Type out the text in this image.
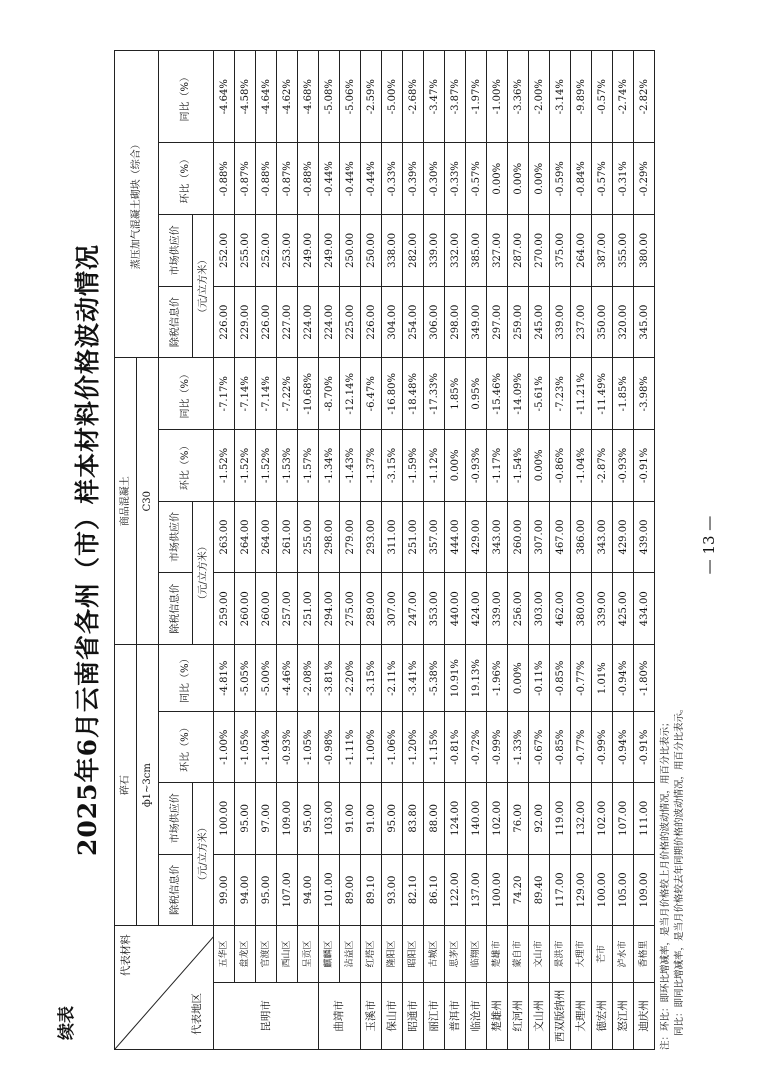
续表
— 13 —
2025年6月云南省各州（市）样本材料价格波动情况
代表材料
代表地区		碎石				商品混凝土				蒸压加气混凝土砌块（综合）			
		ф1~3cm				C30							
		除税信息价	市场供应价	环比（%）	同比（%）	除税信息价	市场供应价	环比（%）	同比（%）	除税信息价	市场供应价	环比（%）	同比（%）
		（元/立方米）				（元/立方米）				（元/立方米）			
昆明市	五华区	99.00	100.00	-1.00%	-4.81%	259.00	263.00	-1.52%	-7.17%	226.00	252.00	-0.88%	-4.64%
	盘龙区	94.00	95.00	-1.05%	-5.05%	260.00	264.00	-1.52%	-7.14%	229.00	255.00	-0.87%	-4.58%
	官渡区	95.00	97.00	-1.04%	-5.00%	260.00	264.00	-1.52%	-7.14%	226.00	252.00	-0.88%	-4.64%
	西山区	107.00	109.00	-0.93%	-4.46%	257.00	261.00	-1.53%	-7.22%	227.00	253.00	-0.87%	-4.62%
	呈贡区	94.00	95.00	-1.05%	-2.08%	251.00	255.00	-1.57%	-10.68%	224.00	249.00	-0.88%	-4.68%
曲靖市	麒麟区	101.00	103.00	-0.98%	-3.81%	294.00	298.00	-1.34%	-8.70%	224.00	249.00	-0.44%	-5.08%
	沾益区	89.00	91.00	-1.11%	-2.20%	275.00	279.00	-1.43%	-12.14%	225.00	250.00	-0.44%	-5.06%
玉溪市	红塔区	89.10	91.00	-1.00%	-3.15%	289.00	293.00	-1.37%	-6.47%	226.00	250.00	-0.44%	-2.59%
保山市	隆阳区	93.00	95.00	-1.06%	-2.11%	307.00	311.00	-3.15%	-16.80%	304.00	338.00	-0.33%	-5.00%
昭通市	昭阳区	82.10	83.80	-1.20%	-3.41%	247.00	251.00	-1.59%	-18.48%	254.00	282.00	-0.39%	-2.68%
丽江市	古城区	86.10	88.00	-1.15%	-5.38%	353.00	357.00	-1.12%	-17.33%	306.00	339.00	-0.30%	-3.47%
普洱市	思茅区	122.00	124.00	-0.81%	10.91%	440.00	444.00	0.00%	1.85%	298.00	332.00	-0.33%	-3.87%
临沧市	临翔区	137.00	140.00	-0.72%	19.13%	424.00	429.00	-0.93%	0.95%	349.00	385.00	-0.57%	-1.97%
楚雄州	楚雄市	100.00	102.00	-0.99%	-1.96%	339.00	343.00	-1.17%	-15.46%	297.00	327.00	0.00%	-1.00%
红河州	蒙自市	74.20	76.00	-1.33%	0.00%	256.00	260.00	-1.54%	-14.09%	259.00	287.00	0.00%	-3.36%
文山州	文山市	89.40	92.00	-0.67%	-0.11%	303.00	307.00	0.00%	-5.61%	245.00	270.00	0.00%	-2.00%
西双版纳州	景洪市	117.00	119.00	-0.85%	-0.85%	462.00	467.00	-0.86%	-7.23%	339.00	375.00	-0.59%	-3.14%
大理州	大理市	129.00	132.00	-0.77%	-0.77%	380.00	386.00	-1.04%	-11.21%	237.00	264.00	-0.84%	-9.89%
德宏州	芒市	100.00	102.00	-0.99%	1.01%	339.00	343.00	-2.87%	-11.49%	350.00	387.00	-0.57%	-0.57%
怒江州	泸水市	105.00	107.00	-0.94%	-0.94%	425.00	429.00	-0.93%	-1.85%	320.00	355.00	-0.31%	-2.74%
迪庆州	香格里	109.00	111.00	-0.91%	-1.80%	434.00	439.00	-0.91%	-3.98%	345.00	380.00	-0.29%	-2.82%
注：环比：即环比增减率，是当月价格较上月价格的波动情况，用百分比表示； 同比：即同比增减率，是当月价格较去年同期价格的波动情况，用百分比表示。
